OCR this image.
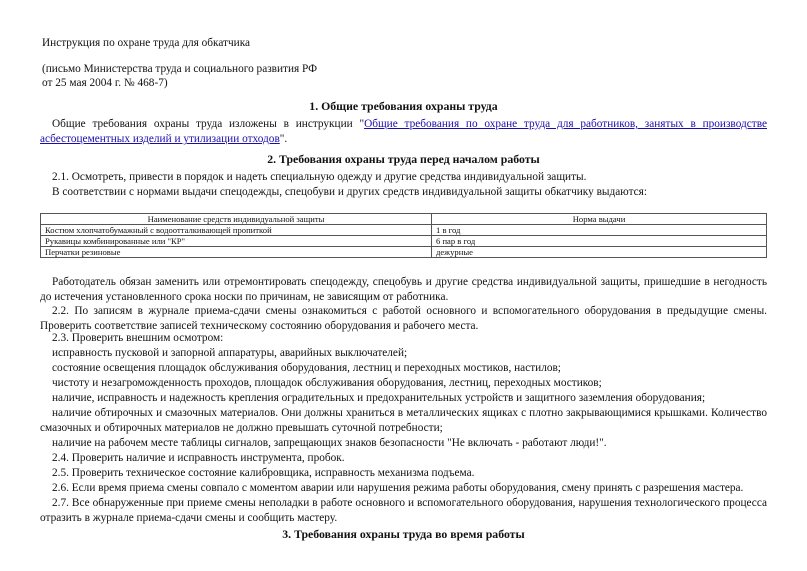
Инструкция по охране труда для обкатчика

(письмо Министерства труда и социального развития РФ

от 25 мая 2004 г. № 468-7)

1. Общие требования охраны труда

Общие требования охраны труда изложены в инструкции "Общие требования по охране труда для работников, занятых в производстве асбестоцементных изделий и утилизации отходов".

2. Требования охраны труда перед началом работы

2.1. Осмотреть, привести в порядок и надеть специальную одежду и другие средства индивидуальной защиты.

В соответствии с нормами выдачи спецодежды, спецобуви и других средств индивидуальной защиты обкатчику выдаются:

Наименование средств индивидуальной защиты	Норма выдачи
Костюм хлопчатобумажный с водоотталкивающей пропиткой	1 в год
Рукавицы комбинированные или "КР"	6 пар в год
Перчатки резиновые	дежурные

Работодатель обязан заменить или отремонтировать спецодежду, спецобувь и другие средства индивидуальной защиты, пришедшие в негодность до истечения установленного срока носки по причинам, не зависящим от работника.

2.2. По записям в журнале приема-сдачи смены ознакомиться с работой основного и вспомогательного оборудования в предыдущие смены. Проверить соответствие записей техническому состоянию оборудования и рабочего места.

2.3. Проверить внешним осмотром:

исправность пусковой и запорной аппаратуры, аварийных выключателей;

состояние освещения площадок обслуживания оборудования, лестниц и переходных мостиков, настилов;

чистоту и незагроможденность проходов, площадок обслуживания оборудования, лестниц, переходных мостиков;

наличие, исправность и надежность крепления оградительных и предохранительных устройств и защитного заземления оборудования;

наличие обтирочных и смазочных материалов. Они должны храниться в металлических ящиках с плотно закрывающимися крышками. Количество смазочных и обтирочных материалов не должно превышать суточной потребности;

наличие на рабочем месте таблицы сигналов, запрещающих знаков безопасности "Не включать - работают люди!".

2.4. Проверить наличие и исправность инструмента, пробок.

2.5. Проверить техническое состояние калибровщика, исправность механизма подъема.

2.6. Если время приема смены совпало с моментом аварии или нарушения режима работы оборудования, смену принять с разрешения мастера.

2.7. Все обнаруженные при приеме смены неполадки в работе основного и вспомогательного оборудования, нарушения технологического процесса отразить в журнале приема-сдачи смены и сообщить мастеру.

3. Требования охраны труда во время работы
